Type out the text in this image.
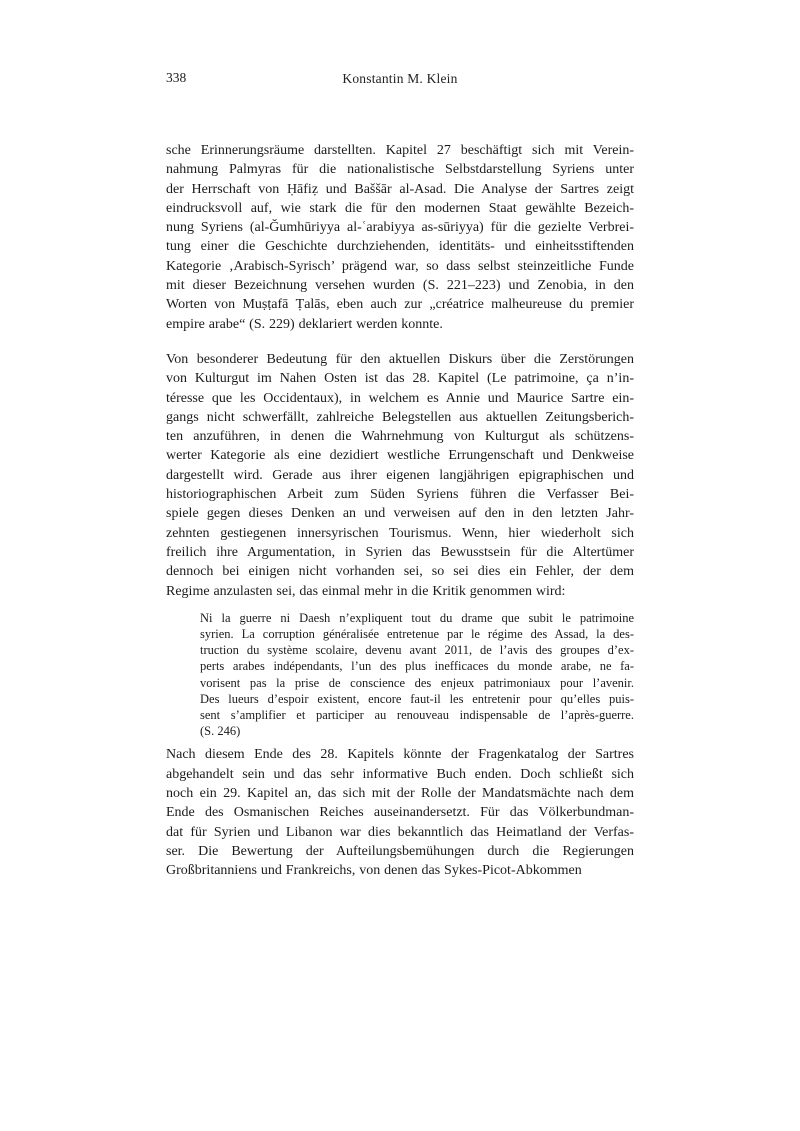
338	Konstantin M. Klein
sche Erinnerungsräume darstellten. Kapitel 27 beschäftigt sich mit Verein-
nahmung Palmyras für die nationalistische Selbstdarstellung Syriens unter
der Herrschaft von Ḥāfiẓ und Baššār al-Asad. Die Analyse der Sartres zeigt
eindrucksvoll auf, wie stark die für den modernen Staat gewählte Bezeich-
nung Syriens (al-Ǧumhūriyya al-ʿarabiyya as-sūriyya) für die gezielte Verbrei-
tung einer die Geschichte durchziehenden, identitäts- und einheitsstiftenden
Kategorie ‚Arabisch-Syrisch’ prägend war, so dass selbst steinzeitliche Funde
mit dieser Bezeichnung versehen wurden (S. 221–223) und Zenobia, in den
Worten von Muṣṭafā Ṭalās, eben auch zur „créatrice malheureuse du premier
empire arabe“ (S. 229) deklariert werden konnte.
Von besonderer Bedeutung für den aktuellen Diskurs über die Zerstörungen
von Kulturgut im Nahen Osten ist das 28. Kapitel (Le patrimoine, ça n’in-
téresse que les Occidentaux), in welchem es Annie und Maurice Sartre ein-
gangs nicht schwerfällt, zahlreiche Belegstellen aus aktuellen Zeitungsberich-
ten anzuführen, in denen die Wahrnehmung von Kulturgut als schützens-
werter Kategorie als eine dezidiert westliche Errungenschaft und Denkweise
dargestellt wird. Gerade aus ihrer eigenen langjährigen epigraphischen und
historiographischen Arbeit zum Süden Syriens führen die Verfasser Bei-
spiele gegen dieses Denken an und verweisen auf den in den letzten Jahr-
zehnten gestiegenen innersyrischen Tourismus. Wenn, hier wiederholt sich
freilich ihre Argumentation, in Syrien das Bewusstsein für die Altertümer
dennoch bei einigen nicht vorhanden sei, so sei dies ein Fehler, der dem
Regime anzulasten sei, das einmal mehr in die Kritik genommen wird:
Ni la guerre ni Daesh n’expliquent tout du drame que subit le patrimoine
syrien. La corruption généralisée entretenue par le régime des Assad, la des-
truction du système scolaire, devenu avant 2011, de l’avis des groupes d’ex-
perts arabes indépendants, l’un des plus inefficaces du monde arabe, ne fa-
vorisent pas la prise de conscience des enjeux patrimoniaux pour l’avenir.
Des lueurs d’espoir existent, encore faut-il les entretenir pour qu’elles puis-
sent s’amplifier et participer au renouveau indispensable de l’après-guerre.
(S. 246)
Nach diesem Ende des 28. Kapitels könnte der Fragenkatalog der Sartres
abgehandelt sein und das sehr informative Buch enden. Doch schließt sich
noch ein 29. Kapitel an, das sich mit der Rolle der Mandatsmächte nach dem
Ende des Osmanischen Reiches auseinandersetzt. Für das Völkerbundman-
dat für Syrien und Libanon war dies bekanntlich das Heimatland der Verfas-
ser. Die Bewertung der Aufteilungsbemühungen durch die Regierungen
Großbritanniens und Frankreichs, von denen das Sykes-Picot-Abkommen
